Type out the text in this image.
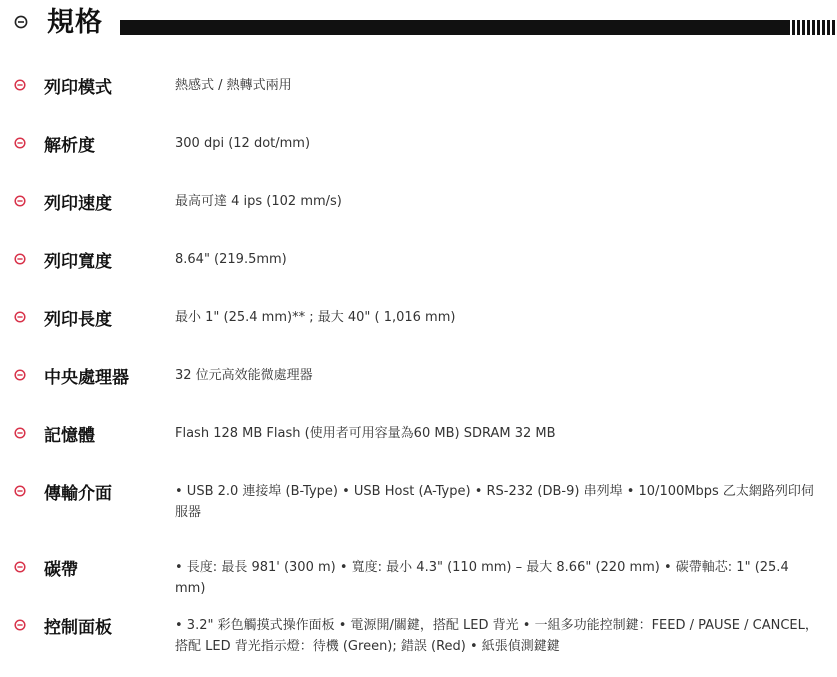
規格
列印模式	熱感式 / 熱轉式兩用
解析度	300 dpi (12 dot/mm)
列印速度	最高可達 4 ips (102 mm/s)
列印寬度	8.64" (219.5mm)
列印長度	最小 1" (25.4 mm)** ; 最大 40" ( 1,016 mm)
中央處理器	32 位元高效能微處理器
記憶體	Flash 128 MB Flash (使用者可用容量為60 MB) SDRAM 32 MB
傳輸介面	• USB 2.0 連接埠 (B-Type) • USB Host (A-Type) • RS-232 (DB-9) 串列埠 • 10/100Mbps 乙太網路列印伺服器
碳帶	• 長度: 最長 981' (300 m) • 寬度: 最小 4.3" (110 mm) – 最大 8.66" (220 mm) • 碳帶軸芯: 1" (25.4 mm)
控制面板	• 3.2" 彩色觸摸式操作面板 • 電源開/關鍵，搭配 LED 背光 • 一組多功能控制鍵：FEED / PAUSE / CANCEL，搭配 LED 背光指示燈：待機 (Green); 錯誤 (Red) • 紙張偵測鍵鍵
